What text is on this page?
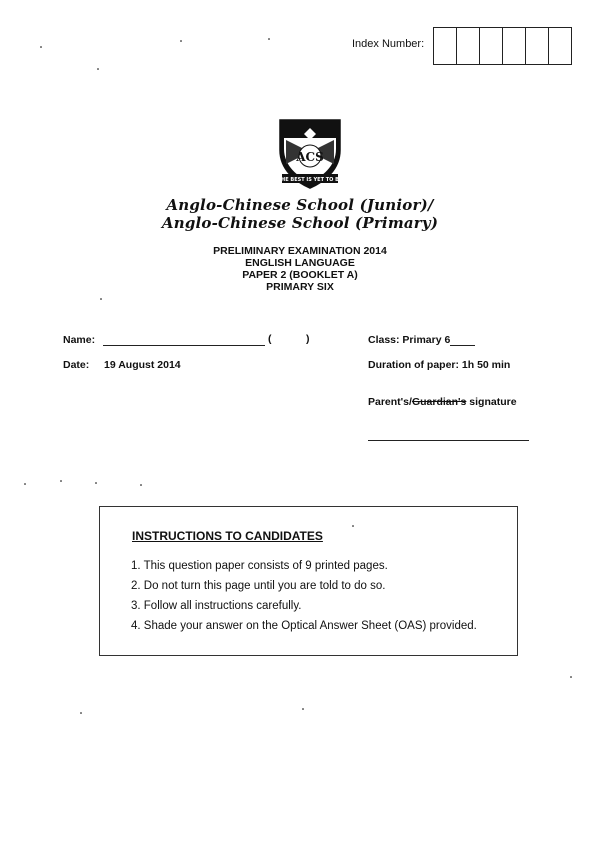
Index Number:
ACS
THE BEST IS YET TO BE
Anglo-Chinese School (Junior)/
Anglo-Chinese School (Primary)
PRELIMINARY EXAMINATION 2014
ENGLISH LANGUAGE
PAPER 2 (BOOKLET A)
PRIMARY SIX
Name:	(	)	Class: Primary 6
Date: 19 August 2014	Duration of paper: 1h 50 min
Parent's/Guardian's signature
INSTRUCTIONS TO CANDIDATES
1. This question paper consists of 9 printed pages.
2. Do not turn this page until you are told to do so.
3. Follow all instructions carefully.
4. Shade your answer on the Optical Answer Sheet (OAS) provided.
